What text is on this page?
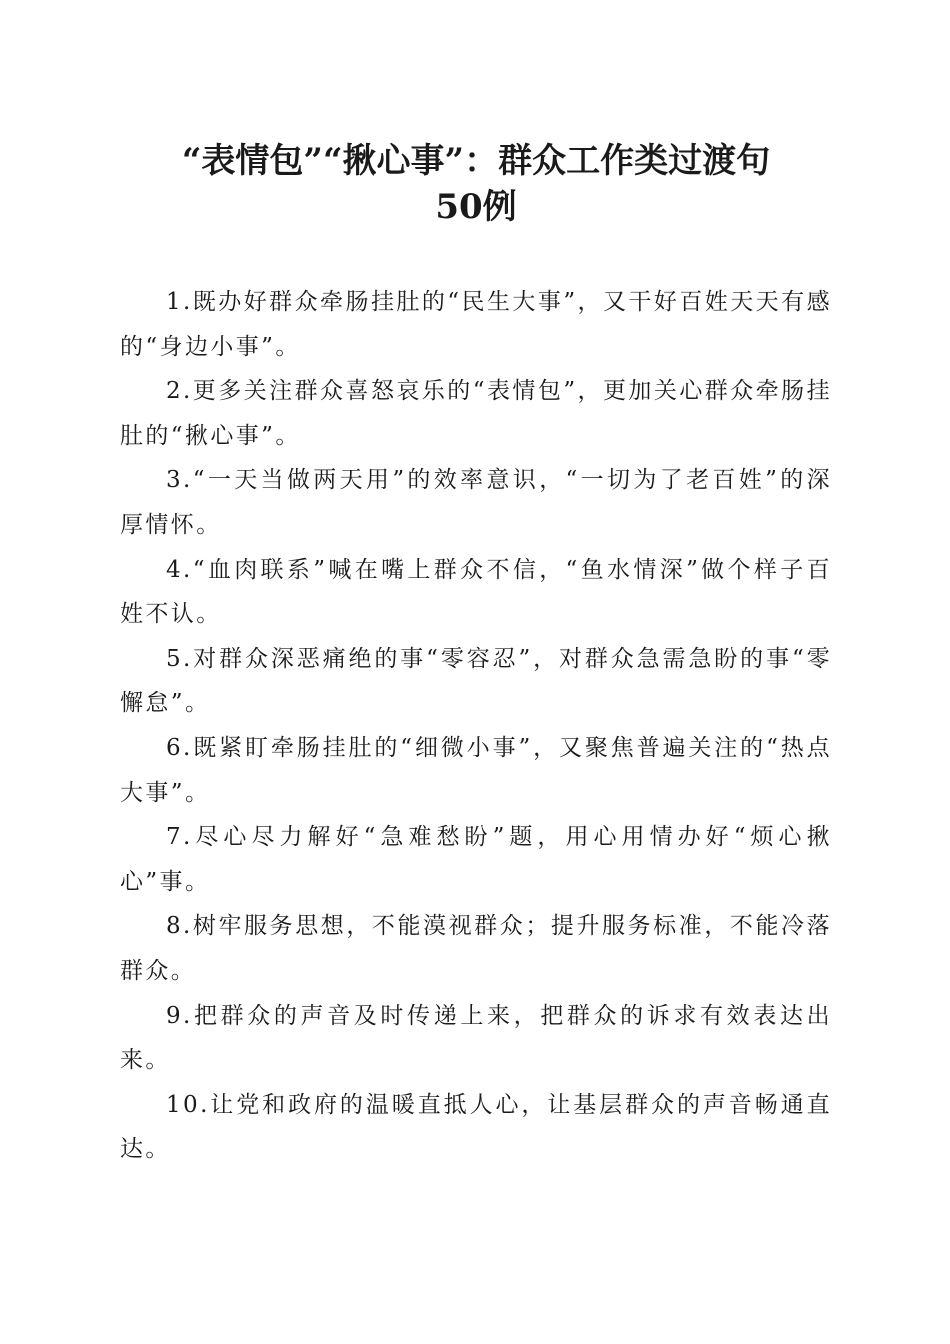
“表情包”“揪心事”：群众工作类过渡句
50例

1.既办好群众牵肠挂肚的“民生大事”，又干好百姓天天有感的“身边小事”。

2.更多关注群众喜怒哀乐的“表情包”，更加关心群众牵肠挂肚的“揪心事”。

3.“一天当做两天用”的效率意识，“一切为了老百姓”的深厚情怀。

4.“血肉联系”喊在嘴上群众不信，“鱼水情深”做个样子百姓不认。

5.对群众深恶痛绝的事“零容忍”，对群众急需急盼的事“零懈怠”。

6.既紧盯牵肠挂肚的“细微小事”，又聚焦普遍关注的“热点大事”。

7.尽心尽力解好“急难愁盼”题，用心用情办好“烦心揪心”事。

8.树牢服务思想，不能漠视群众；提升服务标准，不能冷落群众。

9.把群众的声音及时传递上来，把群众的诉求有效表达出来。

10.让党和政府的温暖直抵人心，让基层群众的声音畅通直达。
